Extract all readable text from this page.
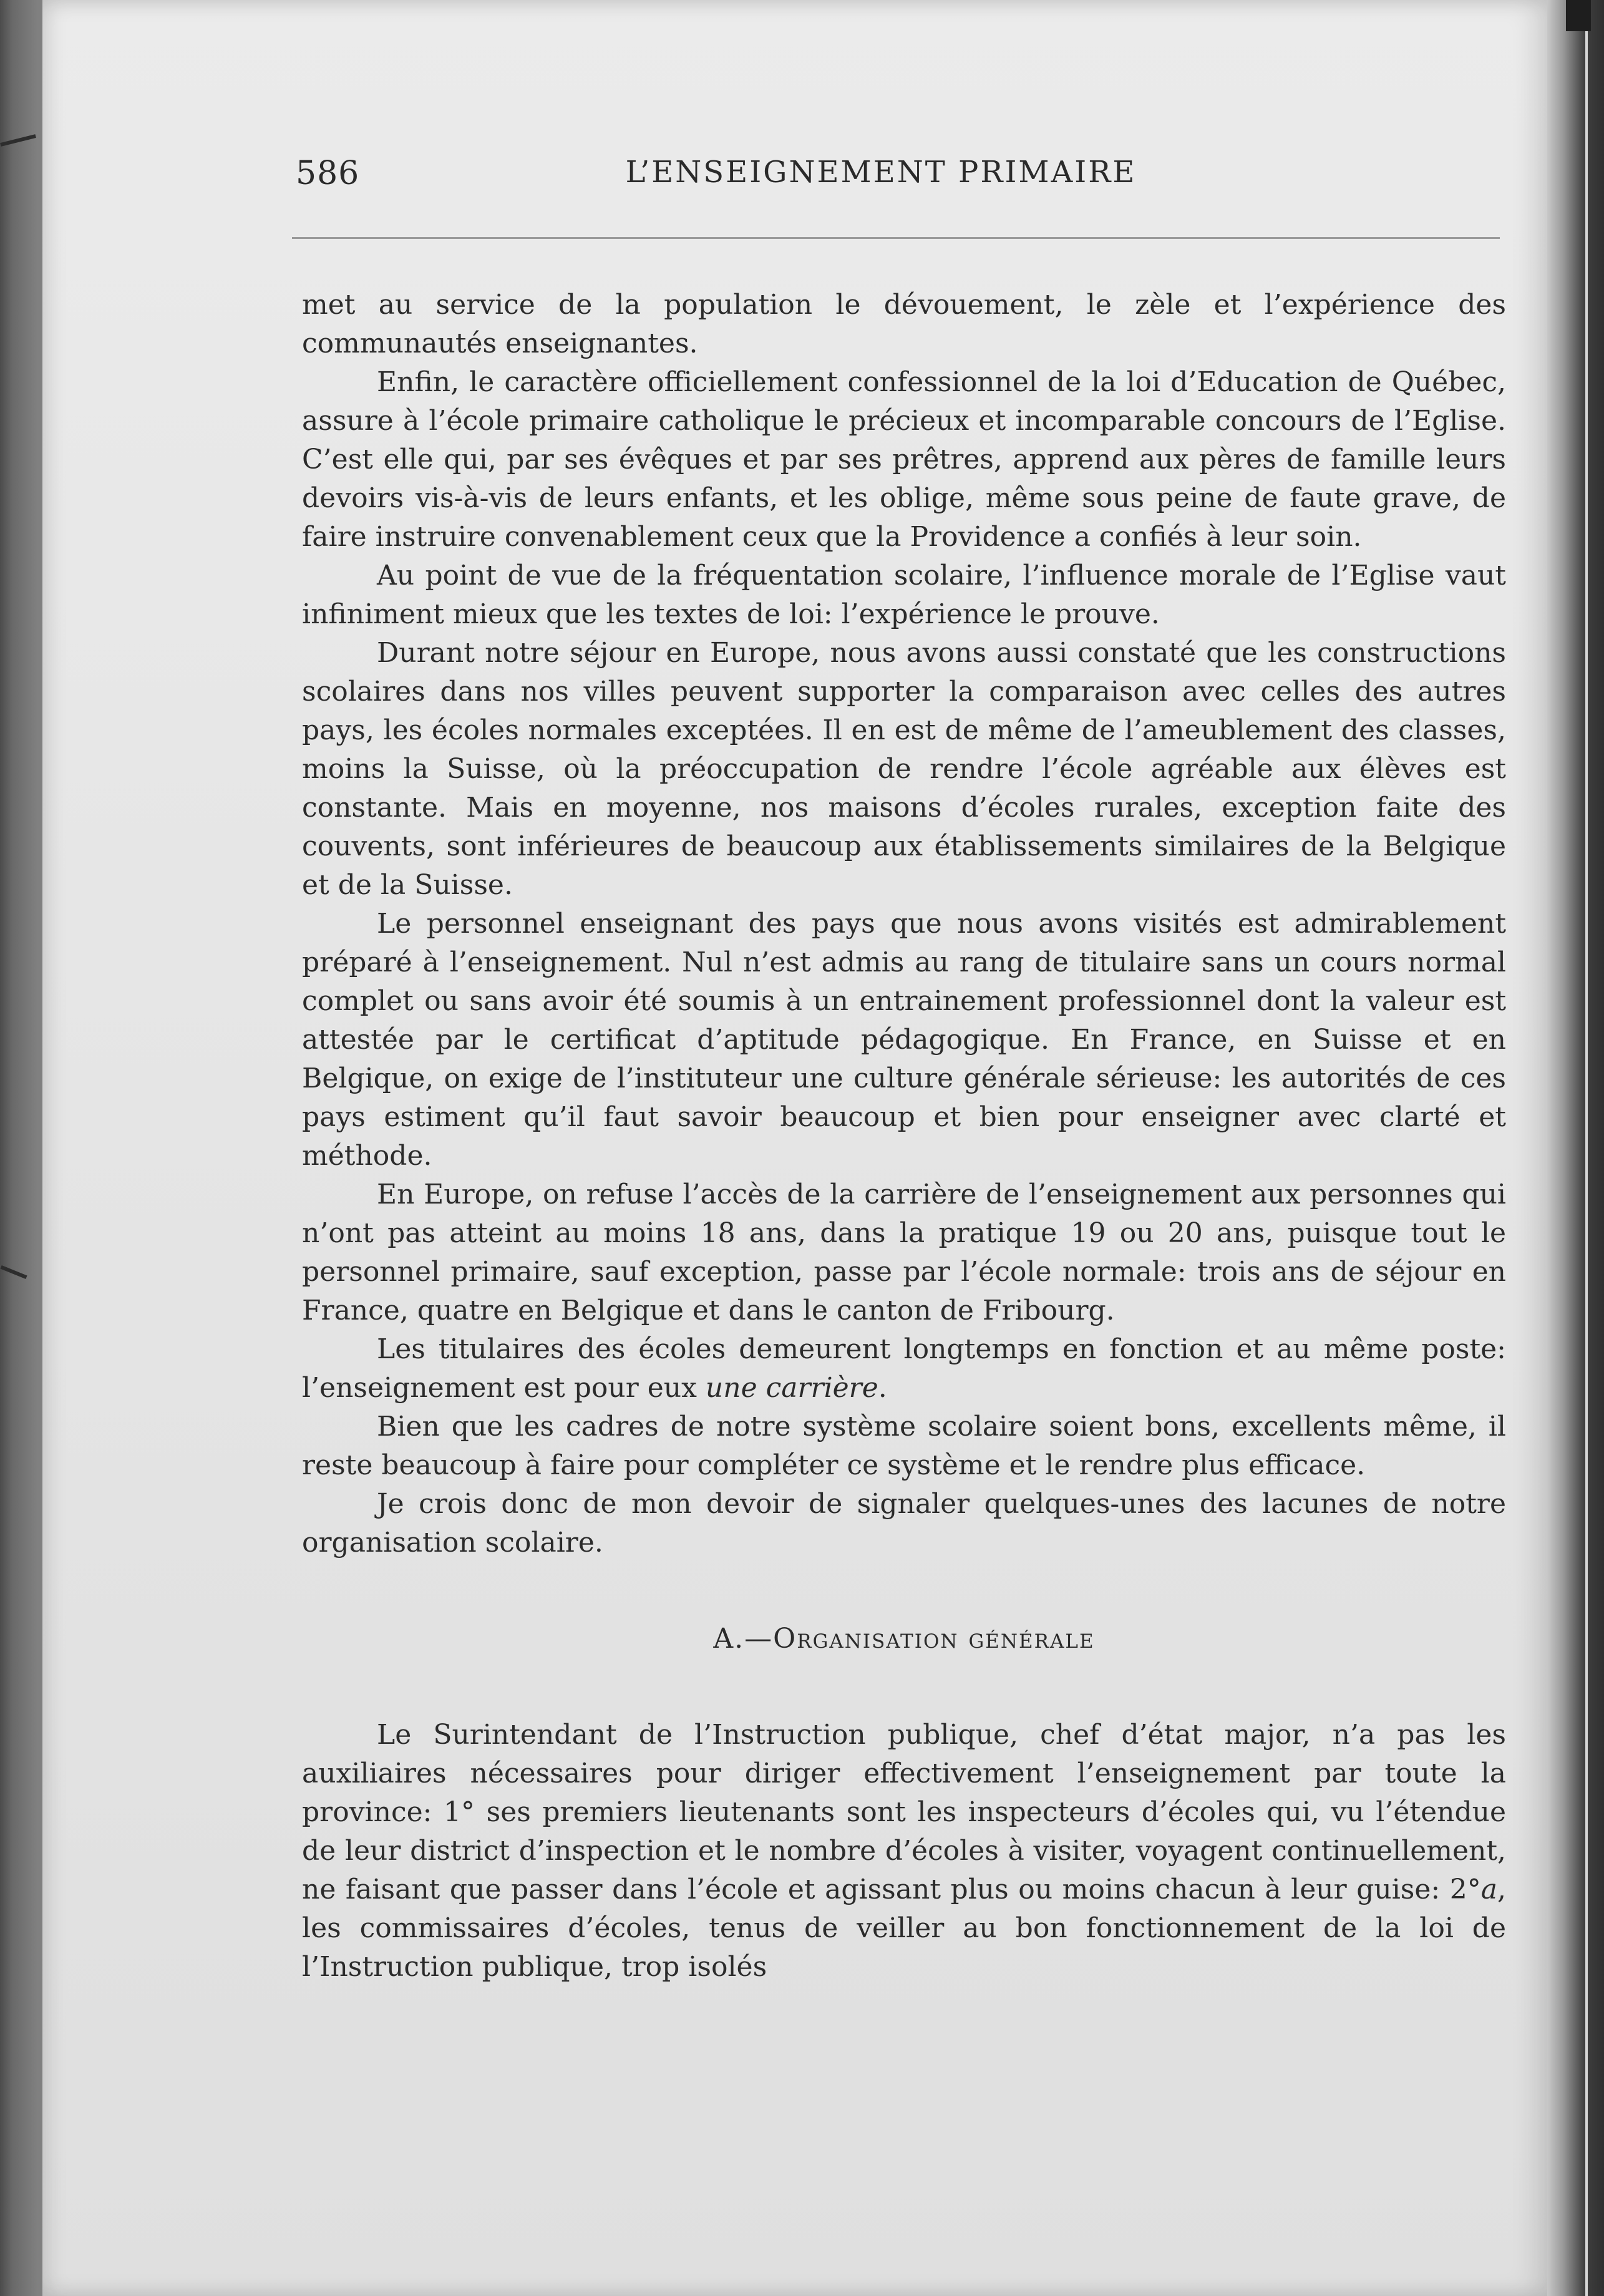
586	L’ENSEIGNEMENT PRIMAIRE

met au service de la population le dévouement, le zèle et l’expérience des communautés enseignantes.

Enfin, le caractère officiellement confessionnel de la loi d’Education de Québec, assure à l’école primaire catholique le précieux et incomparable concours de l’Eglise. C’est elle qui, par ses évêques et par ses prêtres, apprend aux pères de famille leurs devoirs vis-à-vis de leurs enfants, et les oblige, même sous peine de faute grave, de faire instruire convenablement ceux que la Providence a confiés à leur soin.

Au point de vue de la fréquentation scolaire, l’influence morale de l’Eglise vaut infiniment mieux que les textes de loi: l’expérience le prouve.

Durant notre séjour en Europe, nous avons aussi constaté que les constructions scolaires dans nos villes peuvent supporter la comparaison avec celles des autres pays, les écoles normales exceptées. Il en est de même de l’ameublement des classes, moins la Suisse, où la préoccupation de rendre l’école agréable aux élèves est constante. Mais en moyenne, nos maisons d’écoles rurales, exception faite des couvents, sont inférieures de beaucoup aux établissements similaires de la Belgique et de la Suisse.

Le personnel enseignant des pays que nous avons visités est admirablement préparé à l’enseignement. Nul n’est admis au rang de titulaire sans un cours normal complet ou sans avoir été soumis à un entrainement professionnel dont la valeur est attestée par le certificat d’aptitude pédagogique. En France, en Suisse et en Belgique, on exige de l’instituteur une culture générale sérieuse: les autorités de ces pays estiment qu’il faut savoir beaucoup et bien pour enseigner avec clarté et méthode.

En Europe, on refuse l’accès de la carrière de l’enseignement aux personnes qui n’ont pas atteint au moins 18 ans, dans la pratique 19 ou 20 ans, puisque tout le personnel primaire, sauf exception, passe par l’école normale: trois ans de séjour en France, quatre en Belgique et dans le canton de Fribourg.

Les titulaires des écoles demeurent longtemps en fonction et au même poste: l’enseignement est pour eux une carrière.

Bien que les cadres de notre système scolaire soient bons, excellents même, il reste beaucoup à faire pour compléter ce système et le rendre plus efficace.

Je crois donc de mon devoir de signaler quelques-unes des lacunes de notre organisation scolaire.

A.—Organisation générale

Le Surintendant de l’Instruction publique, chef d’état major, n’a pas les auxiliaires nécessaires pour diriger effectivement l’enseignement par toute la province: 1° ses premiers lieutenants sont les inspecteurs d’écoles qui, vu l’étendue de leur district d’inspection et le nombre d’écoles à visiter, voyagent continuellement, ne faisant que passer dans l’école et agissant plus ou moins chacun à leur guise: 2°a, les commissaires d’écoles, tenus de veiller au bon fonctionnement de la loi de l’Instruction publique, trop isolés
